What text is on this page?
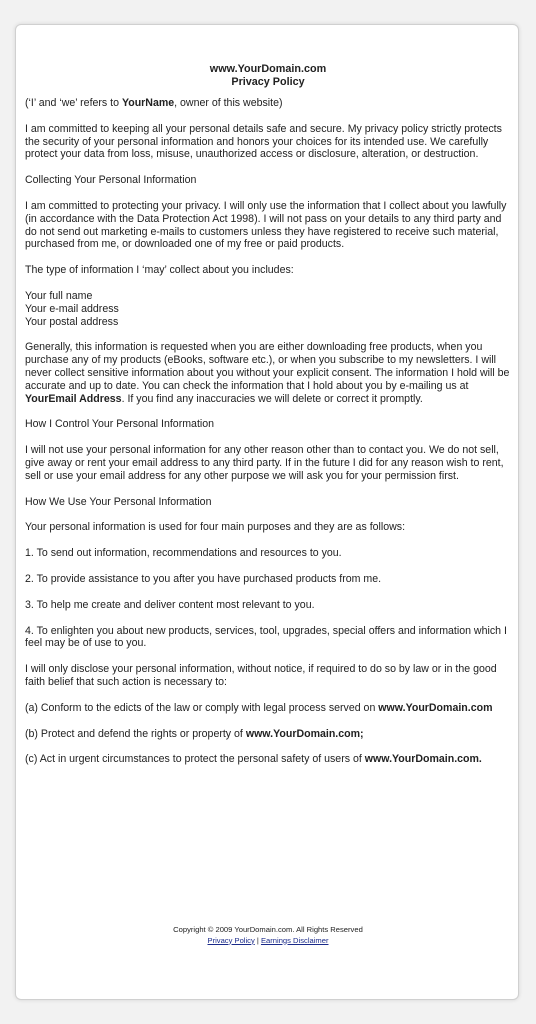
www.YourDomain.com
Privacy Policy

(‘I’ and ‘we’ refers to YourName, owner of this website)

I am committed to keeping all your personal details safe and secure. My privacy policy strictly protects the security of your personal information and honors your choices for its intended use. We carefully protect your data from loss, misuse, unauthorized access or disclosure, alteration, or destruction.

Collecting Your Personal Information

I am committed to protecting your privacy. I will only use the information that I collect about you lawfully (in accordance with the Data Protection Act 1998). I will not pass on your details to any third party and do not send out marketing e-mails to customers unless they have registered to receive such material, purchased from me, or downloaded one of my free or paid products.

The type of information I ‘may’ collect about you includes:

Your full name
Your e-mail address
Your postal address

Generally, this information is requested when you are either downloading free products, when you purchase any of my products (eBooks, software etc.), or when you subscribe to my newsletters. I will never collect sensitive information about you without your explicit consent. The information I hold will be accurate and up to date. You can check the information that I hold about you by e-mailing us at YourEmail Address. If you find any inaccuracies we will delete or correct it promptly.

How I Control Your Personal Information

I will not use your personal information for any other reason other than to contact you. We do not sell, give away or rent your email address to any third party. If in the future I did for any reason wish to rent, sell or use your email address for any other purpose we will ask you for your permission first.

How We Use Your Personal Information

Your personal information is used for four main purposes and they are as follows:

1. To send out information, recommendations and resources to you.

2. To provide assistance to you after you have purchased products from me.

3. To help me create and deliver content most relevant to you.

4. To enlighten you about new products, services, tool, upgrades, special offers and information which I feel may be of use to you.

I will only disclose your personal information, without notice, if required to do so by law or in the good faith belief that such action is necessary to:

(a) Conform to the edicts of the law or comply with legal process served on www.YourDomain.com

(b) Protect and defend the rights or property of www.YourDomain.com;

(c) Act in urgent circumstances to protect the personal safety of users of www.YourDomain.com.

Copyright © 2009 YourDomain.com. All Rights Reserved
Privacy Policy | Earnings Disclaimer
